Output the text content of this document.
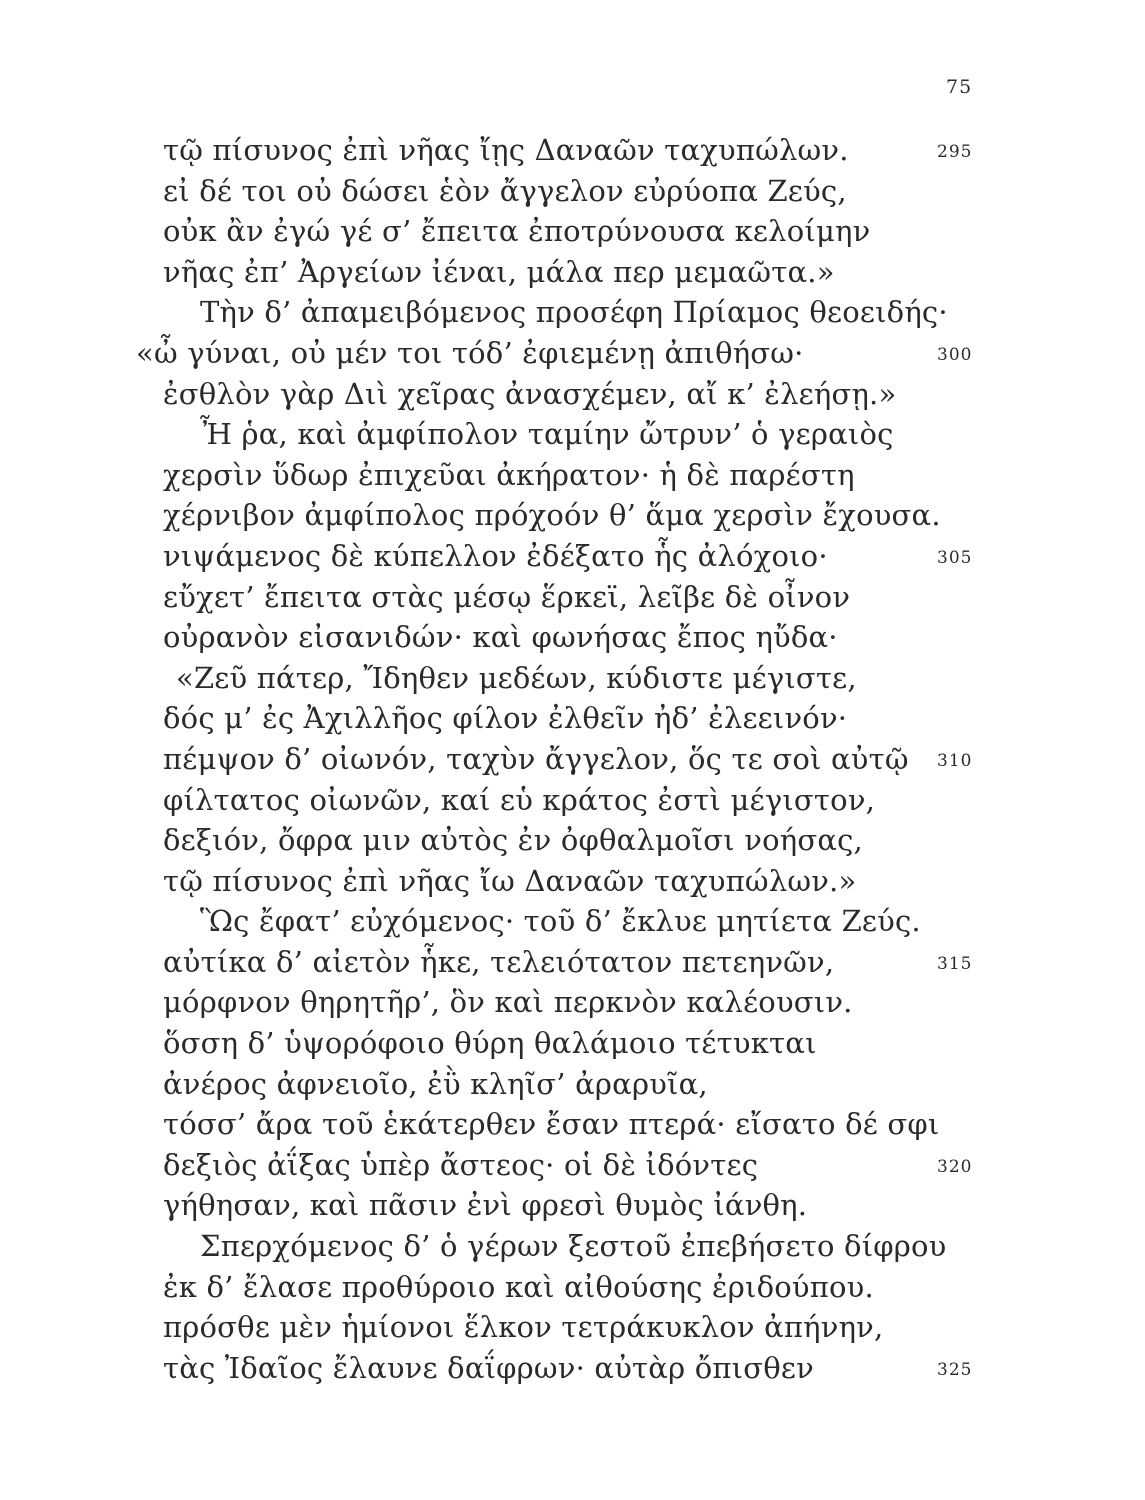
75
τῷ πίσυνος ἐπὶ νῆας ἴῃς Δαναῶν ταχυπώλων.	295
εἰ δέ τοι οὐ δώσει ἑὸν ἄγγελον εὐρύοπα Ζεύς,
οὐκ ἂν ἐγώ γέ σ’ ἔπειτα ἐποτρύνουσα κελοίμην
νῆας ἐπ’ Ἀργείων ἰέναι, μάλα περ μεμαῶτα.»
Τὴν δ’ ἀπαμειβόμενος προσέφη Πρίαμος θεοειδής·
«ὦ γύναι, οὐ μέν τοι τόδ’ ἐφιεμένῃ ἀπιθήσω·	300
ἐσθλὸν γὰρ Διὶ χεῖρας ἀνασχέμεν, αἴ κ’ ἐλεήσῃ.»
Ἦ ῥα, καὶ ἀμφίπολον ταμίην ὤτρυν’ ὁ γεραιὸς
χερσὶν ὕδωρ ἐπιχεῦαι ἀκήρατον· ἡ δὲ παρέστη
χέρνιβον ἀμφίπολος πρόχοόν θ’ ἅμα χερσὶν ἔχουσα.
νιψάμενος δὲ κύπελλον ἐδέξατο ἧς ἀλόχοιο·	305
εὔχετ’ ἔπειτα στὰς μέσῳ ἕρκεϊ, λεῖβε δὲ οἶνον
οὐρανὸν εἰσανιδών· καὶ φωνήσας ἔπος ηὔδα·
«Ζεῦ πάτερ, Ἴδηθεν μεδέων, κύδιστε μέγιστε,
δός μ’ ἐς Ἀχιλλῆος φίλον ἐλθεῖν ἠδ’ ἐλεεινόν·
πέμψον δ’ οἰωνόν, ταχὺν ἄγγελον, ὅς τε σοὶ αὐτῷ 310
φίλτατος οἰωνῶν, καί εὑ κράτος ἐστὶ μέγιστον,
δεξιόν, ὄφρα μιν αὐτὸς ἐν ὀφθαλμοῖσι νοήσας,
τῷ πίσυνος ἐπὶ νῆας ἴω Δαναῶν ταχυπώλων.»
Ὣς ἔφατ’ εὐχόμενος· τοῦ δ’ ἔκλυε μητίετα Ζεύς.
αὐτίκα δ’ αἰετὸν ἧκε, τελειότατον πετεηνῶν,	315
μόρφνον θηρητῆρ’, ὃν καὶ περκνὸν καλέουσιν.
ὅσση δ’ ὑψορόφοιο θύρη θαλάμοιο τέτυκται
ἀνέρος ἀφνειοῖο, ἐῢ κληῖσ’ ἀραρυῖα,
τόσσ’ ἄρα τοῦ ἑκάτερθεν ἔσαν πτερά· εἴσατο δέ σφι
δεξιὸς ἀΐξας ὑπὲρ ἄστεος· οἱ δὲ ἰδόντες	320
γήθησαν, καὶ πᾶσιν ἐνὶ φρεσὶ θυμὸς ἰάνθη.
Σπερχόμενος δ’ ὁ γέρων ξεστοῦ ἐπεβήσετο δίφρου
ἐκ δ’ ἔλασε προθύροιο καὶ αἰθούσης ἐριδούπου.
πρόσθε μὲν ἡμίονοι ἕλκον τετράκυκλον ἀπήνην,
τὰς Ἰδαῖος ἔλαυνε δαΐφρων· αὐτὰρ ὄπισθεν	325
